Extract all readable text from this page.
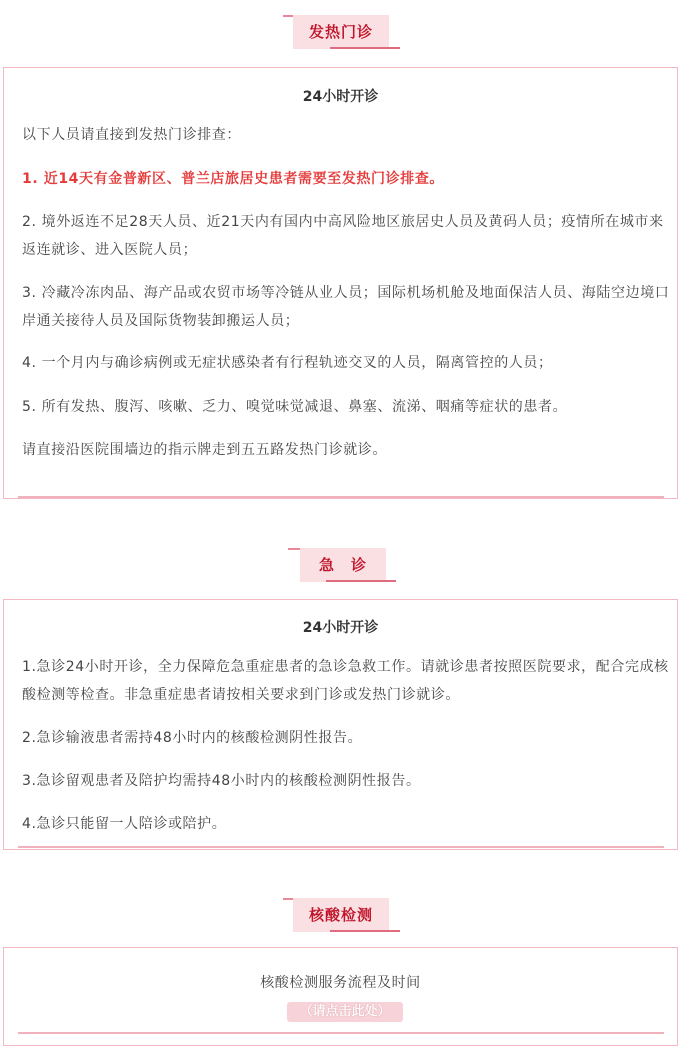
发热门诊
24小时开诊
以下人员请直接到发热门诊排查：
1. 近14天有金普新区、普兰店旅居史患者需要至发热门诊排查。
2. 境外返连不足28天人员、近21天内有国内中高风险地区旅居史人员及黄码人员；疫情所在城市来返连就诊、进入医院人员；
3. 冷藏冷冻肉品、海产品或农贸市场等冷链从业人员；国际机场机舱及地面保洁人员、海陆空边境口岸通关接待人员及国际货物装卸搬运人员；
4. 一个月内与确诊病例或无症状感染者有行程轨迹交叉的人员，隔离管控的人员；
5. 所有发热、腹泻、咳嗽、乏力、嗅觉味觉减退、鼻塞、流涕、咽痛等症状的患者。
请直接沿医院围墙边的指示牌走到五五路发热门诊就诊。
急　诊
24小时开诊
1.急诊24小时开诊，全力保障危急重症患者的急诊急救工作。请就诊患者按照医院要求，配合完成核酸检测等检查。非急重症患者请按相关要求到门诊或发热门诊就诊。
2.急诊输液患者需持48小时内的核酸检测阴性报告。
3.急诊留观患者及陪护均需持48小时内的核酸检测阴性报告。
4.急诊只能留一人陪诊或陪护。
核酸检测
核酸检测服务流程及时间
（请点击此处）
